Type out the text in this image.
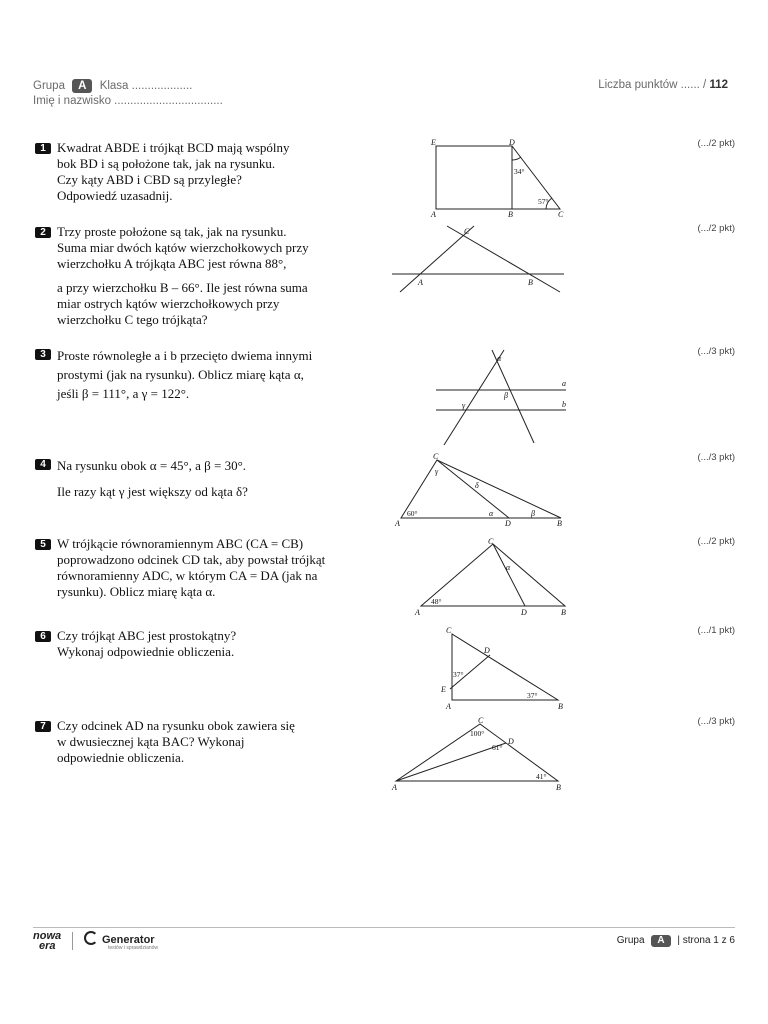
Grupa A Klasa ...................
Imię i nazwisko ..................................
Liczba punktów ...... / 112
1 Kwadrat ABDE i trójkąt BCD mają wspólny
bok BD i są położone tak, jak na rysunku.
Czy kąty ABD i CBD są przyległe?
Odpowiedź uzasadnij.
(.../2 pkt)
E	D
A	B	C
34°
57°
2 Trzy proste położone są tak, jak na rysunku.
Suma miar dwóch kątów wierzchołkowych przy
wierzchołku A trójkąta ABC jest równa 88°,
a przy wierzchołku B – 66°. Ile jest równa suma
miar ostrych kątów wierzchołkowych przy
wierzchołku C tego trójkąta?
(.../2 pkt)
C
A	B
3 Proste równoległe a i b przecięto dwiema innymi
prostymi (jak na rysunku). Oblicz miarę kąta α,
jeśli β = 111°, a γ = 122°.
(.../3 pkt)
α
β
γ
a
b
4 Na rysunku obok α = 45°, a β = 30°.
Ile razy kąt γ jest większy od kąta δ?
(.../3 pkt)
C
A	D	B
γ
δ
α	β
60°
5 W trójkącie równoramiennym ABC (CA = CB)
poprowadzono odcinek CD tak, aby powstał trójkąt
równoramienny ADC, w którym CA = DA (jak na
rysunku). Oblicz miarę kąta α.
(.../2 pkt)
C
A	D	B
α
48°
6 Czy trójkąt ABC jest prostokątny?
Wykonaj odpowiednie obliczenia.
(.../1 pkt)
C
D
E
A	B
37°
37°
7 Czy odcinek AD na rysunku obok zawiera się
w dwusiecznej kąta BAC? Wykonaj
odpowiednie obliczenia.
(.../3 pkt)
C
D
A	B
100°
61°
41°
nowa
era	Generator
testów i sprawdzianów
Grupa A | strona 1 z 6
